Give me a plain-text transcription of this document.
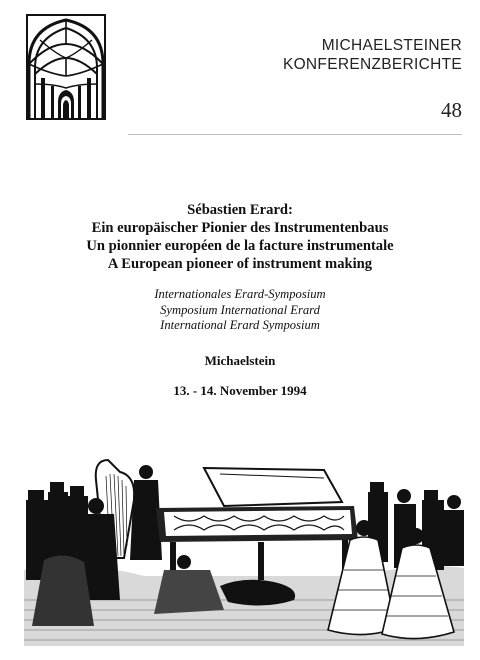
MICHAELSTEINER
KONFERENZBERICHTE
48
Sébastien Erard:
Ein europäischer Pionier des Instrumentenbaus
Un pionnier européen de la facture instrumentale
A European pioneer of instrument making
Internationales Erard-Symposium
Symposium International Erard
International Erard Symposium
Michaelstein
13. - 14. November 1994
